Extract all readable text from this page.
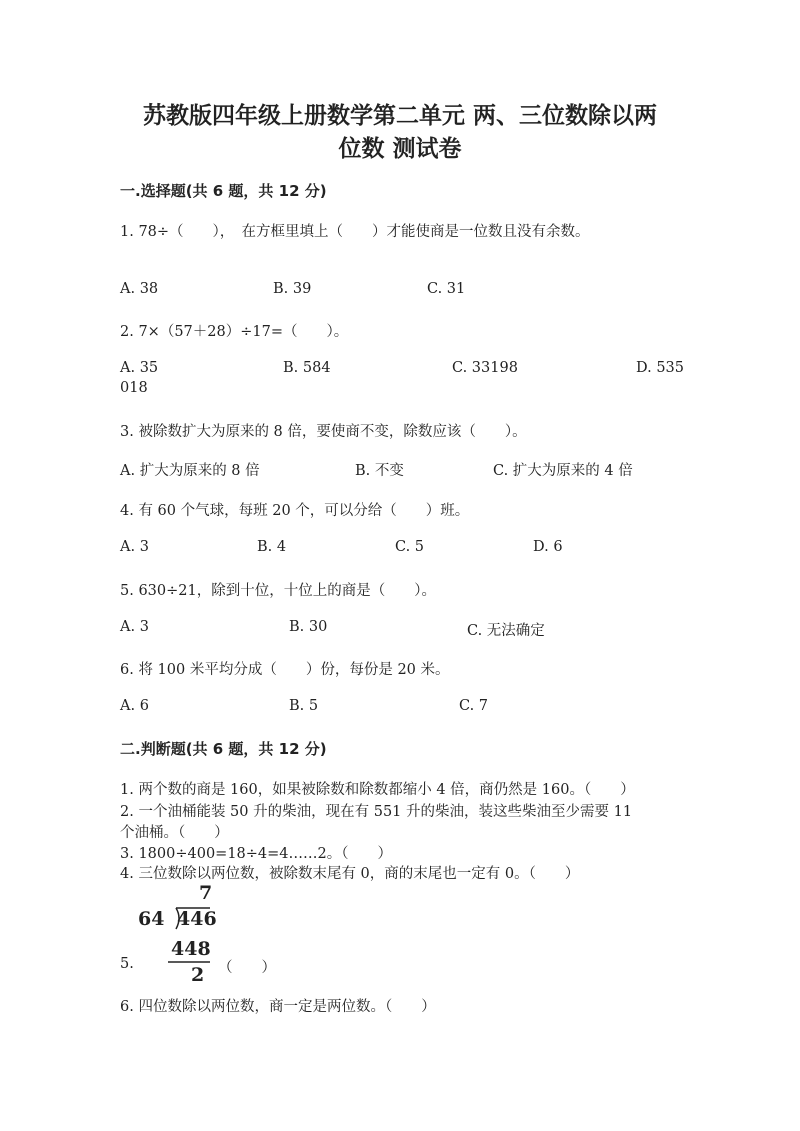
苏教版四年级上册数学第二单元 两、三位数除以两
位数 测试卷
一.选择题(共 6 题，共 12 分)
1. 78÷（　　），　在方框里填上（　　）才能使商是一位数且没有余数。
A. 38	B. 39	C. 31
2. 7×（57＋28）÷17=（　　）。
A. 35	B. 584	C. 33198	D. 535
018
3. 被除数扩大为原来的 8 倍，要使商不变，除数应该（　　）。
A. 扩大为原来的 8 倍	B. 不变	C. 扩大为原来的 4 倍
4. 有 60 个气球，每班 20 个，可以分给（　　）班。
A. 3	B. 4	C. 5	D. 6
5. 630÷21，除到十位，十位上的商是（　　）。
A. 3	B. 30	C. 无法确定
6. 将 100 米平均分成（　　）份，每份是 20 米。
A. 6	B. 5	C. 7
二.判断题(共 6 题，共 12 分)
1. 两个数的商是 160，如果被除数和除数都缩小 4 倍，商仍然是 160。（　　）
2. 一个油桶能装 50 升的柴油，现在有 551 升的柴油，装这些柴油至少需要 11
个油桶。（　　）
3. 1800÷400=18÷4=4……2。（　　）
4. 三位数除以两位数，被除数末尾有 0，商的末尾也一定有 0。（　　）
7
64 446
448
2
5.	（　　）
6. 四位数除以两位数，商一定是两位数。（　　）
